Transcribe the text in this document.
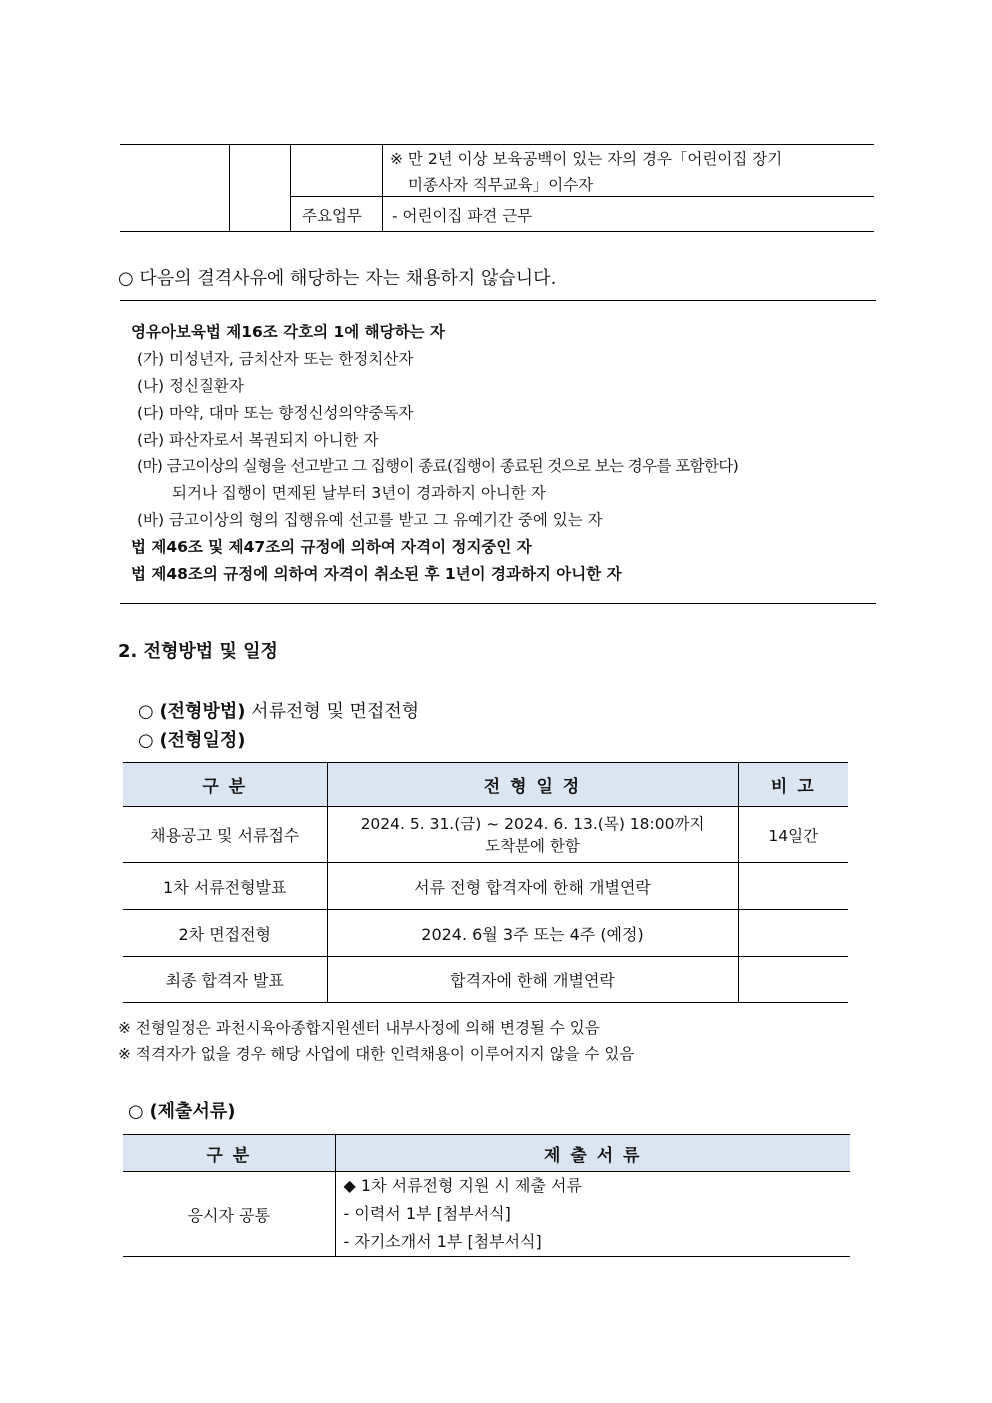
※ 만 2년 이상 보육공백이 있는 자의 경우「어린이집 장기
미종사자 직무교육」이수자
주요업무 - 어린이집 파견 근무
○ 다음의 결격사유에 해당하는 자는 채용하지 않습니다.
영유아보육법 제16조 각호의 1에 해당하는 자
(가) 미성년자, 금치산자 또는 한정치산자
(나) 정신질환자
(다) 마약, 대마 또는 향정신성의약중독자
(라) 파산자로서 복권되지 아니한 자
(마) 금고이상의 실형을 선고받고 그 집행이 종료(집행이 종료된 것으로 보는 경우를 포함한다)
되거나 집행이 면제된 날부터 3년이 경과하지 아니한 자
(바) 금고이상의 형의 집행유예 선고를 받고 그 유예기간 중에 있는 자
법 제46조 및 제47조의 규정에 의하여 자격이 정지중인 자
법 제48조의 규정에 의하여 자격이 취소된 후 1년이 경과하지 아니한 자
2. 전형방법 및 일정
○ (전형방법) 서류전형 및 면접전형
○ (전형일정)
구 분	전 형 일 정	비 고
채용공고 및 서류접수	2024. 5. 31.(금) ~ 2024. 6. 13.(목) 18:00까지
도착분에 한함	14일간
1차 서류전형발표	서류 전형 합격자에 한해 개별연락	
2차 면접전형	2024. 6월 3주 또는 4주 (예정)	
최종 합격자 발표	합격자에 한해 개별연락	
※ 전형일정은 과천시육아종합지원센터 내부사정에 의해 변경될 수 있음
※ 적격자가 없을 경우 해당 사업에 대한 인력채용이 이루어지지 않을 수 있음
○ (제출서류)
구 분	제 출 서 류
응시자 공통	◆ 1차 서류전형 지원 시 제출 서류
- 이력서 1부 [첨부서식]
- 자기소개서 1부 [첨부서식]
